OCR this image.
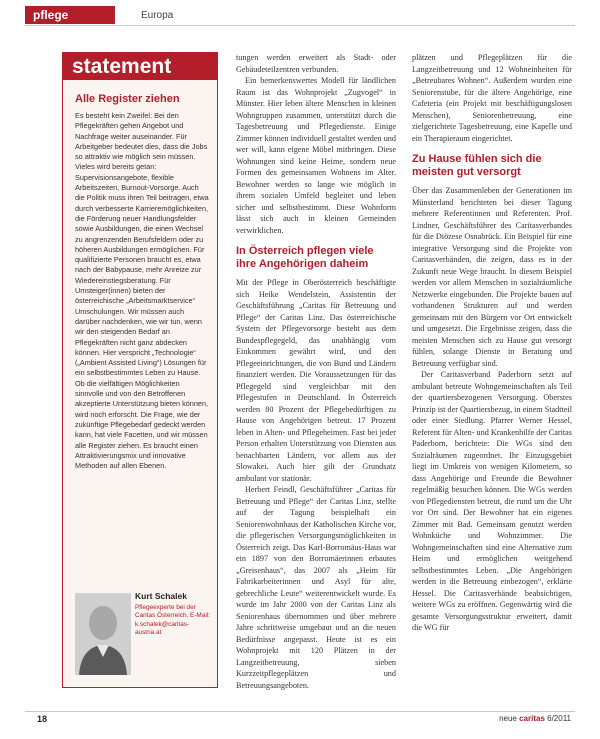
pflege	Europa
statement
Alle Register ziehen

Es besteht kein Zweifel: Bei den Pflegekräften gehen Angebot und Nachfrage weiter auseinander. Für Arbeitgeber bedeutet dies, dass die Jobs so attraktiv wie möglich sein müssen. Vieles wird bereits getan: Supervisionsangebote, flexible Arbeitszeiten, Burnout-Vorsorge. Auch die Politik muss ihren Teil beitragen, etwa durch verbesserte Karrieremöglichkeiten, die Förderung neuer Handlungsfelder sowie Ausbildungen, die einen Wechsel zu angrenzenden Berufsfeldern oder zu höheren Ausbildungen ermöglichen. Für qualifizierte Personen braucht es, etwa nach der Babypause, mehr Anreize zur Wiedereinstiegsberatung. Für Umsteiger(innen) bieten der österreichische „Arbeitsmarktservice“ Umschulungen. Wir müssen auch darüber nachdenken, wie wir tun, wenn wir den steigenden Bedarf an Pflegekräften nicht ganz abdecken können. Hier verspricht „Technologie“ („Ambient Assisted Living“) Lösungen für ein selbstbestimmtes Leben zu Hause. Ob die vielfältigen Möglichkeiten sinnvolle und von den Betroffenen akzeptierte Unterstützung bieten können, wird noch erforscht. Die Frage, wie der zukünftige Pflegebedarf gedeckt werden kann, hat viele Facetten, und wir müssen alle Register ziehen. Es braucht einen Attraktivierungsmix und innovative Methoden auf allen Ebenen.

Kurt Schalek

Pflegeexperte bei der Caritas Österreich, E-Mail: k.schalek@caritas-austria.at

tungen werden erweitert als Stadt- oder Gebäudeteilzentren verbunden.

Ein bemerkenswertes Modell für ländlichen Raum ist das Wohnprojekt „Zugvogel“ in Münster. Hier leben ältere Menschen in kleinen Wohngruppen zusammen, unterstützt durch die Tagesbetreuung und Pflegedienste. Einige Zimmer können individuell gestaltet werden und wer will, kann eigene Möbel mitbringen. Diese Wohnungen sind keine Heime, sondern neue Formen des gemeinsamen Wohnens im Alter. Bewohner werden so lange wie möglich in ihrem sozialen Umfeld begleitet und leben sicher und selbstbestimmt. Diese Wohnform lässt sich auch in kleinen Gemeinden verwirklichen.

In Österreich pflegen viele ihre Angehörigen daheim

Mit der Pflege in Oberösterreich beschäftigte sich Heike Wendelstein, Assistentin der Geschäftsführung „Caritas für Betreuung und Pflege“ der Caritas Linz. Das österreichische System der Pflegevorsorge besteht aus dem Bundespflegegeld, das unabhängig vom Einkommen gewährt wird, und den Pflegeeinrichtungen, die von Bund und Ländern finanziert werden. Die Voraussetzungen für das Pflegegeld sind vergleichbar mit den Pflegestufen in Deutschland. In Österreich werden 80 Prozent der Pflegebedürftigen zu Hause von Angehörigen betreut. 17 Prozent leben in Alten- und Pflegeheimen. Fast bei jeder Person erhalten Unterstützung von Diensten aus benachbarten Ländern, vor allem aus der Slowakei. Auch hier gilt der Grundsatz ambulant vor stationär.

Herbert Feindl, Geschäftsführer „Caritas für Betreuung und Pflege“ der Caritas Linz, stellte auf der Tagung beispielhaft ein Seniorenwohnhaus der Katholischen Kirche vor, die pflegerischen Versorgungsmöglichkeiten in Österreich zeigt. Das Karl-Borromäus-Haus war ein 1897 von den Borromäerinnen erbautes „Greisenhaus“, das 2007 als „Heim für Fabrikarbeiterinnen und Asyl für alte, gebrechliche Leute“ weiterentwickelt wurde. Es wurde im Jahr 2000 von der Caritas Linz als Seniorenhaus übernommen und über mehrere Jahre schrittweise umgebaut und an die neuen Bedürfnisse angepasst. Heute ist es ein Wohnprojekt mit 120 Plätzen in der Langzeitbetreuung, sieben Kurzzeitpflegeplätzen und Betreuungsangeboten.

plätzen und Pflegeplätzen für die Langzeitbetreuung und 12 Wohneinheiten für „Betreubares Wohnen“. Außerdem wurden eine Seniorenstube, für die ältere Angehörige, eine Cafeteria (ein Projekt mit beschäftigungslosen Menschen), Seniorenbetreuung, eine zielgerichtete Tagesbetreuung, eine Kapelle und ein Therapieraum eingerichtet.

Zu Hause fühlen sich die meisten gut versorgt

Über das Zusammenleben der Generationen im Münsterland berichteten bei dieser Tagung mehrere Referentinnen und Referenten. Prof. Lindner, Geschäftsführer des Caritasverbandes für die Diözese Osnabrück. Ein Beispiel für eine integrative Versorgung sind die Projekte von Caritasverbänden, die zeigen, dass es in der Zukunft neue Wege braucht. In diesem Beispiel werden vor allem Menschen in sozialräumliche Netzwerke eingebunden. Die Projekte bauen auf vorhandenen Strukturen auf und werden gemeinsam mit den Bürgern vor Ort entwickelt und umgesetzt. Die Ergebnisse zeigen, dass die meisten Menschen sich zu Hause gut versorgt fühlen, solange Dienste in Beratung und Betreuung verfügbar sind.

Der Caritasverband Paderborn setzt auf ambulant betreute Wohngemeinschaften als Teil der quartiersbezogenen Versorgung. Oberstes Prinzip ist der Quartiersbezug, in einem Stadtteil oder einer Siedlung. Pfarrer Werner Hessel, Referent für Alten- und Krankenhilfe der Caritas Paderborn, berichtete: Die WGs sind den Sozialräumen zugeordnet. Ihr Einzugsgebiet liegt im Umkreis von wenigen Kilometern, so dass Angehörige und Freunde die Bewohner regelmäßig besuchen können. Die WGs werden von Pflegediensten betreut, die rund um die Uhr vor Ort sind. Der Bewohner hat ein eigenes Zimmer mit Bad. Gemeinsam genutzt werden Wohnküche und Wohnzimmer. Die Wohngemeinschaften sind eine Alternative zum Heim und ermöglichen weitgehend selbstbestimmtes Leben. „Die Angehörigen werden in die Betreuung einbezogen“, erklärte Hessel. Die Caritasverbände beabsichtigen, weitere WGs zu eröffnen. Gegenwärtig wird die gesamte Versorgungsstruktur erweitert, damit die WG für

18	neue caritas 6/2011
